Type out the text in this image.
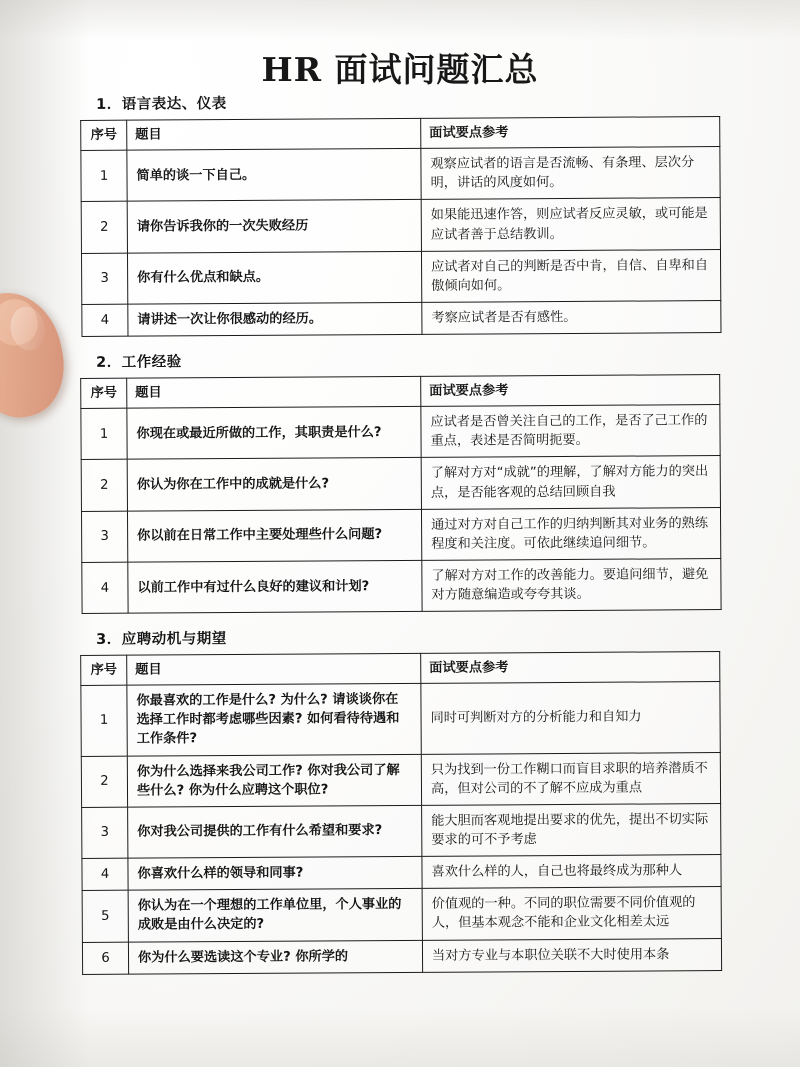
HR 面试问题汇总
1．语言表达、仪表
序号	题目	面试要点参考
1	简单的谈一下自己。	观察应试者的语言是否流畅、有条理、层次分明，讲话的风度如何。
2	请你告诉我你的一次失败经历	如果能迅速作答，则应试者反应灵敏，或可能是应试者善于总结教训。
3	你有什么优点和缺点。	应试者对自己的判断是否中肯，自信、自卑和自傲倾向如何。
4	请讲述一次让你很感动的经历。	考察应试者是否有感性。
2．工作经验
序号	题目	面试要点参考
1	你现在或最近所做的工作，其职责是什么?	应试者是否曾关注自己的工作，是否了己工作的重点，表述是否简明扼要。
2	你认为你在工作中的成就是什么?	了解对方对“成就”的理解，了解对方能力的突出点，是否能客观的总结回顾自我
3	你以前在日常工作中主要处理些什么问题?	通过对方对自己工作的归纳判断其对业务的熟练程度和关注度。可依此继续追问细节。
4	以前工作中有过什么良好的建议和计划?	了解对方对工作的改善能力。要追问细节，避免对方随意编造或夸夸其谈。
3．应聘动机与期望
序号	题目	面试要点参考
1	你最喜欢的工作是什么? 为什么? 请谈谈你在选择工作时都考虑哪些因素? 如何看待待遇和工作条件?	同时可判断对方的分析能力和自知力
2	你为什么选择来我公司工作? 你对我公司了解些什么? 你为什么应聘这个职位?	只为找到一份工作糊口而盲目求职的培养潜质不高，但对公司的不了解不应成为重点
3	你对我公司提供的工作有什么希望和要求?	能大胆而客观地提出要求的优先，提出不切实际要求的可不予考虑
4	你喜欢什么样的领导和同事?	喜欢什么样的人，自己也将最终成为那种人
5	你认为在一个理想的工作单位里，个人事业的成败是由什么决定的?	价值观的一种。不同的职位需要不同价值观的人，但基本观念不能和企业文化相差太远
6	你为什么要选读这个专业? 你所学的	当对方专业与本职位关联不大时使用本条
